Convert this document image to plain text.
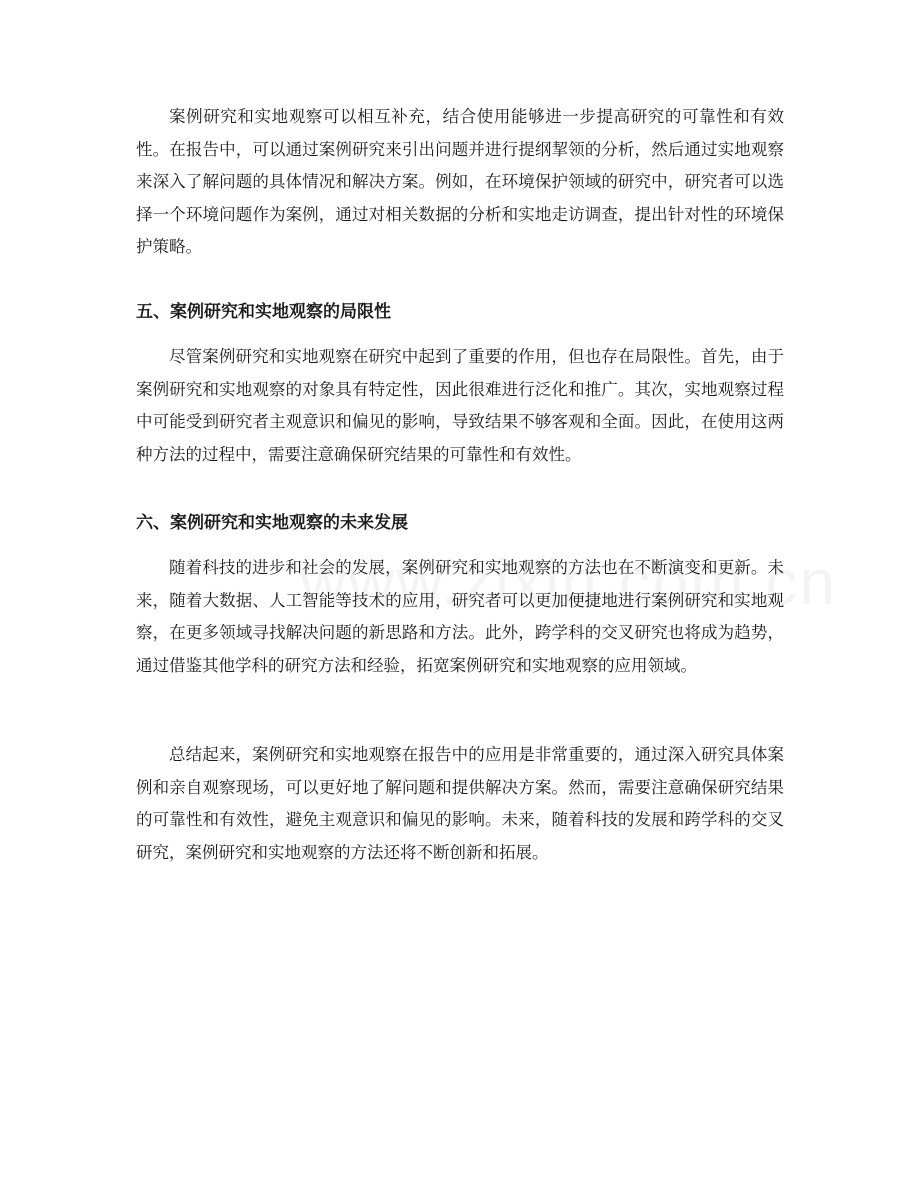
案例研究和实地观察可以相互补充，结合使用能够进一步提高研究的可靠性和有效性。在报告中，可以通过案例研究来引出问题并进行提纲挈领的分析，然后通过实地观察来深入了解问题的具体情况和解决方案。例如，在环境保护领域的研究中，研究者可以选择一个环境问题作为案例，通过对相关数据的分析和实地走访调查，提出针对性的环境保护策略。

五、案例研究和实地观察的局限性

尽管案例研究和实地观察在研究中起到了重要的作用，但也存在局限性。首先，由于案例研究和实地观察的对象具有特定性，因此很难进行泛化和推广。其次，实地观察过程中可能受到研究者主观意识和偏见的影响，导致结果不够客观和全面。因此，在使用这两种方法的过程中，需要注意确保研究结果的可靠性和有效性。

六、案例研究和实地观察的未来发展

随着科技的进步和社会的发展，案例研究和实地观察的方法也在不断演变和更新。未来，随着大数据、人工智能等技术的应用，研究者可以更加便捷地进行案例研究和实地观察，在更多领域寻找解决问题的新思路和方法。此外，跨学科的交叉研究也将成为趋势，通过借鉴其他学科的研究方法和经验，拓宽案例研究和实地观察的应用领域。

总结起来，案例研究和实地观察在报告中的应用是非常重要的，通过深入研究具体案例和亲自观察现场，可以更好地了解问题和提供解决方案。然而，需要注意确保研究结果的可靠性和有效性，避免主观意识和偏见的影响。未来，随着科技的发展和跨学科的交叉研究，案例研究和实地观察的方法还将不断创新和拓展。
